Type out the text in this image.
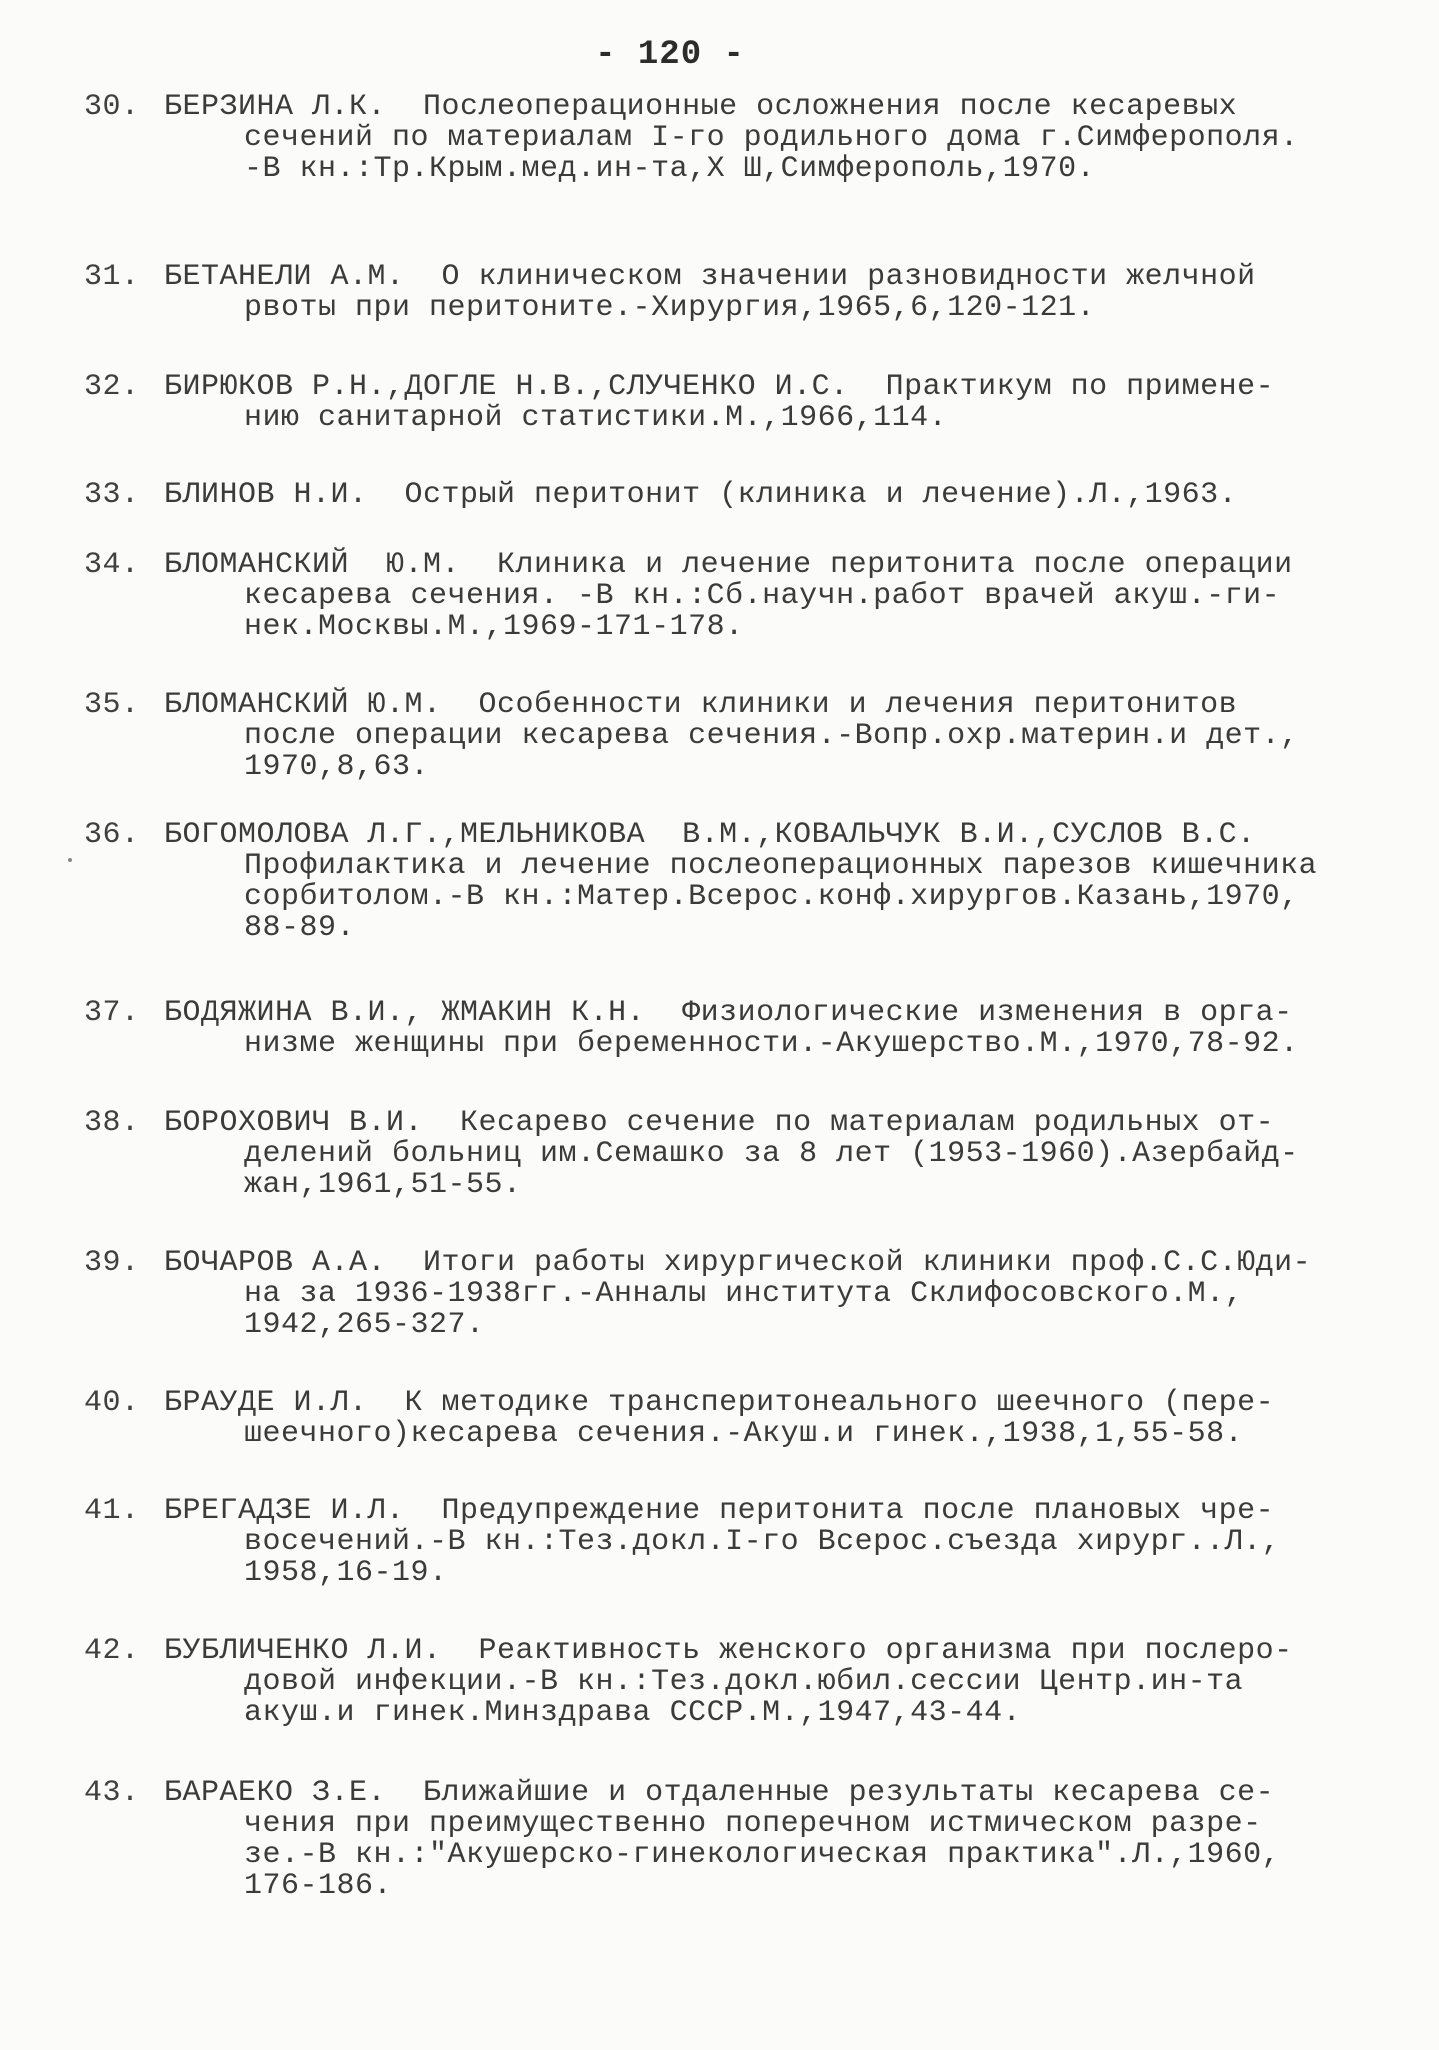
- 120 -
30. БЕРЗИНА Л.К.  Послеоперационные осложнения после кесаревых
сечений по материалам I-го родильного дома г.Симферополя.
-В кн.:Тр.Крым.мед.ин-та,Х Ш,Симферополь,1970.
31. БЕТАНЕЛИ А.М.  О клиническом значении разновидности желчной
рвоты при перитоните.-Хирургия,1965,6,120-121.
32. БИРЮКОВ Р.Н.,ДОГЛЕ Н.В.,СЛУЧЕНКО И.С.  Практикум по примене-
нию санитарной статистики.М.,1966,114.
33. БЛИНОВ Н.И.  Острый перитонит (клиника и лечение).Л.,1963.
34. БЛОМАНСКИЙ  Ю.М.  Клиника и лечение перитонита после операции
кесарева сечения. -В кн.:Сб.научн.работ врачей акуш.-ги-
нек.Москвы.М.,1969-171-178.
35. БЛОМАНСКИЙ Ю.М.  Особенности клиники и лечения перитонитов
после операции кесарева сечения.-Вопр.охр.материн.и дет.,
1970,8,63.
36. БОГОМОЛОВА Л.Г.,МЕЛЬНИКОВА  В.М.,КОВАЛЬЧУК В.И.,СУСЛОВ В.С.
Профилактика и лечение послеоперационных парезов кишечника
сорбитолом.-В кн.:Матер.Всерос.конф.хирургов.Казань,1970,
88-89.
37. БОДЯЖИНА В.И., ЖМАКИН К.Н.  Физиологические изменения в орга-
низме женщины при беременности.-Акушерство.М.,1970,78-92.
38. БОРОХОВИЧ В.И.  Кесарево сечение по материалам родильных от-
делений больниц им.Семашко за 8 лет (1953-1960).Азербайд-
жан,1961,51-55.
39. БОЧАРОВ А.А.  Итоги работы хирургической клиники проф.С.С.Юди-
на за 1936-1938гг.-Анналы института Склифосовского.М.,
1942,265-327.
40. БРАУДЕ И.Л.  К методике трансперитонеального шеечного (пере-
шеечного)кесарева сечения.-Акуш.и гинек.,1938,1,55-58.
41. БРЕГАДЗЕ И.Л.  Предупреждение перитонита после плановых чре-
восечений.-В кн.:Тез.докл.I-го Всерос.съезда хирург..Л.,
1958,16-19.
42. БУБЛИЧЕНКО Л.И.  Реактивность женского организма при послеро-
довой инфекции.-В кн.:Тез.докл.юбил.сессии Центр.ин-та
акуш.и гинек.Минздрава СССР.М.,1947,43-44.
43. БАРАЕКО З.Е.  Ближайшие и отдаленные результаты кесарева се-
чения при преимущественно поперечном истмическом разре-
зе.-В кн.:"Акушерско-гинекологическая практика".Л.,1960,
176-186.
